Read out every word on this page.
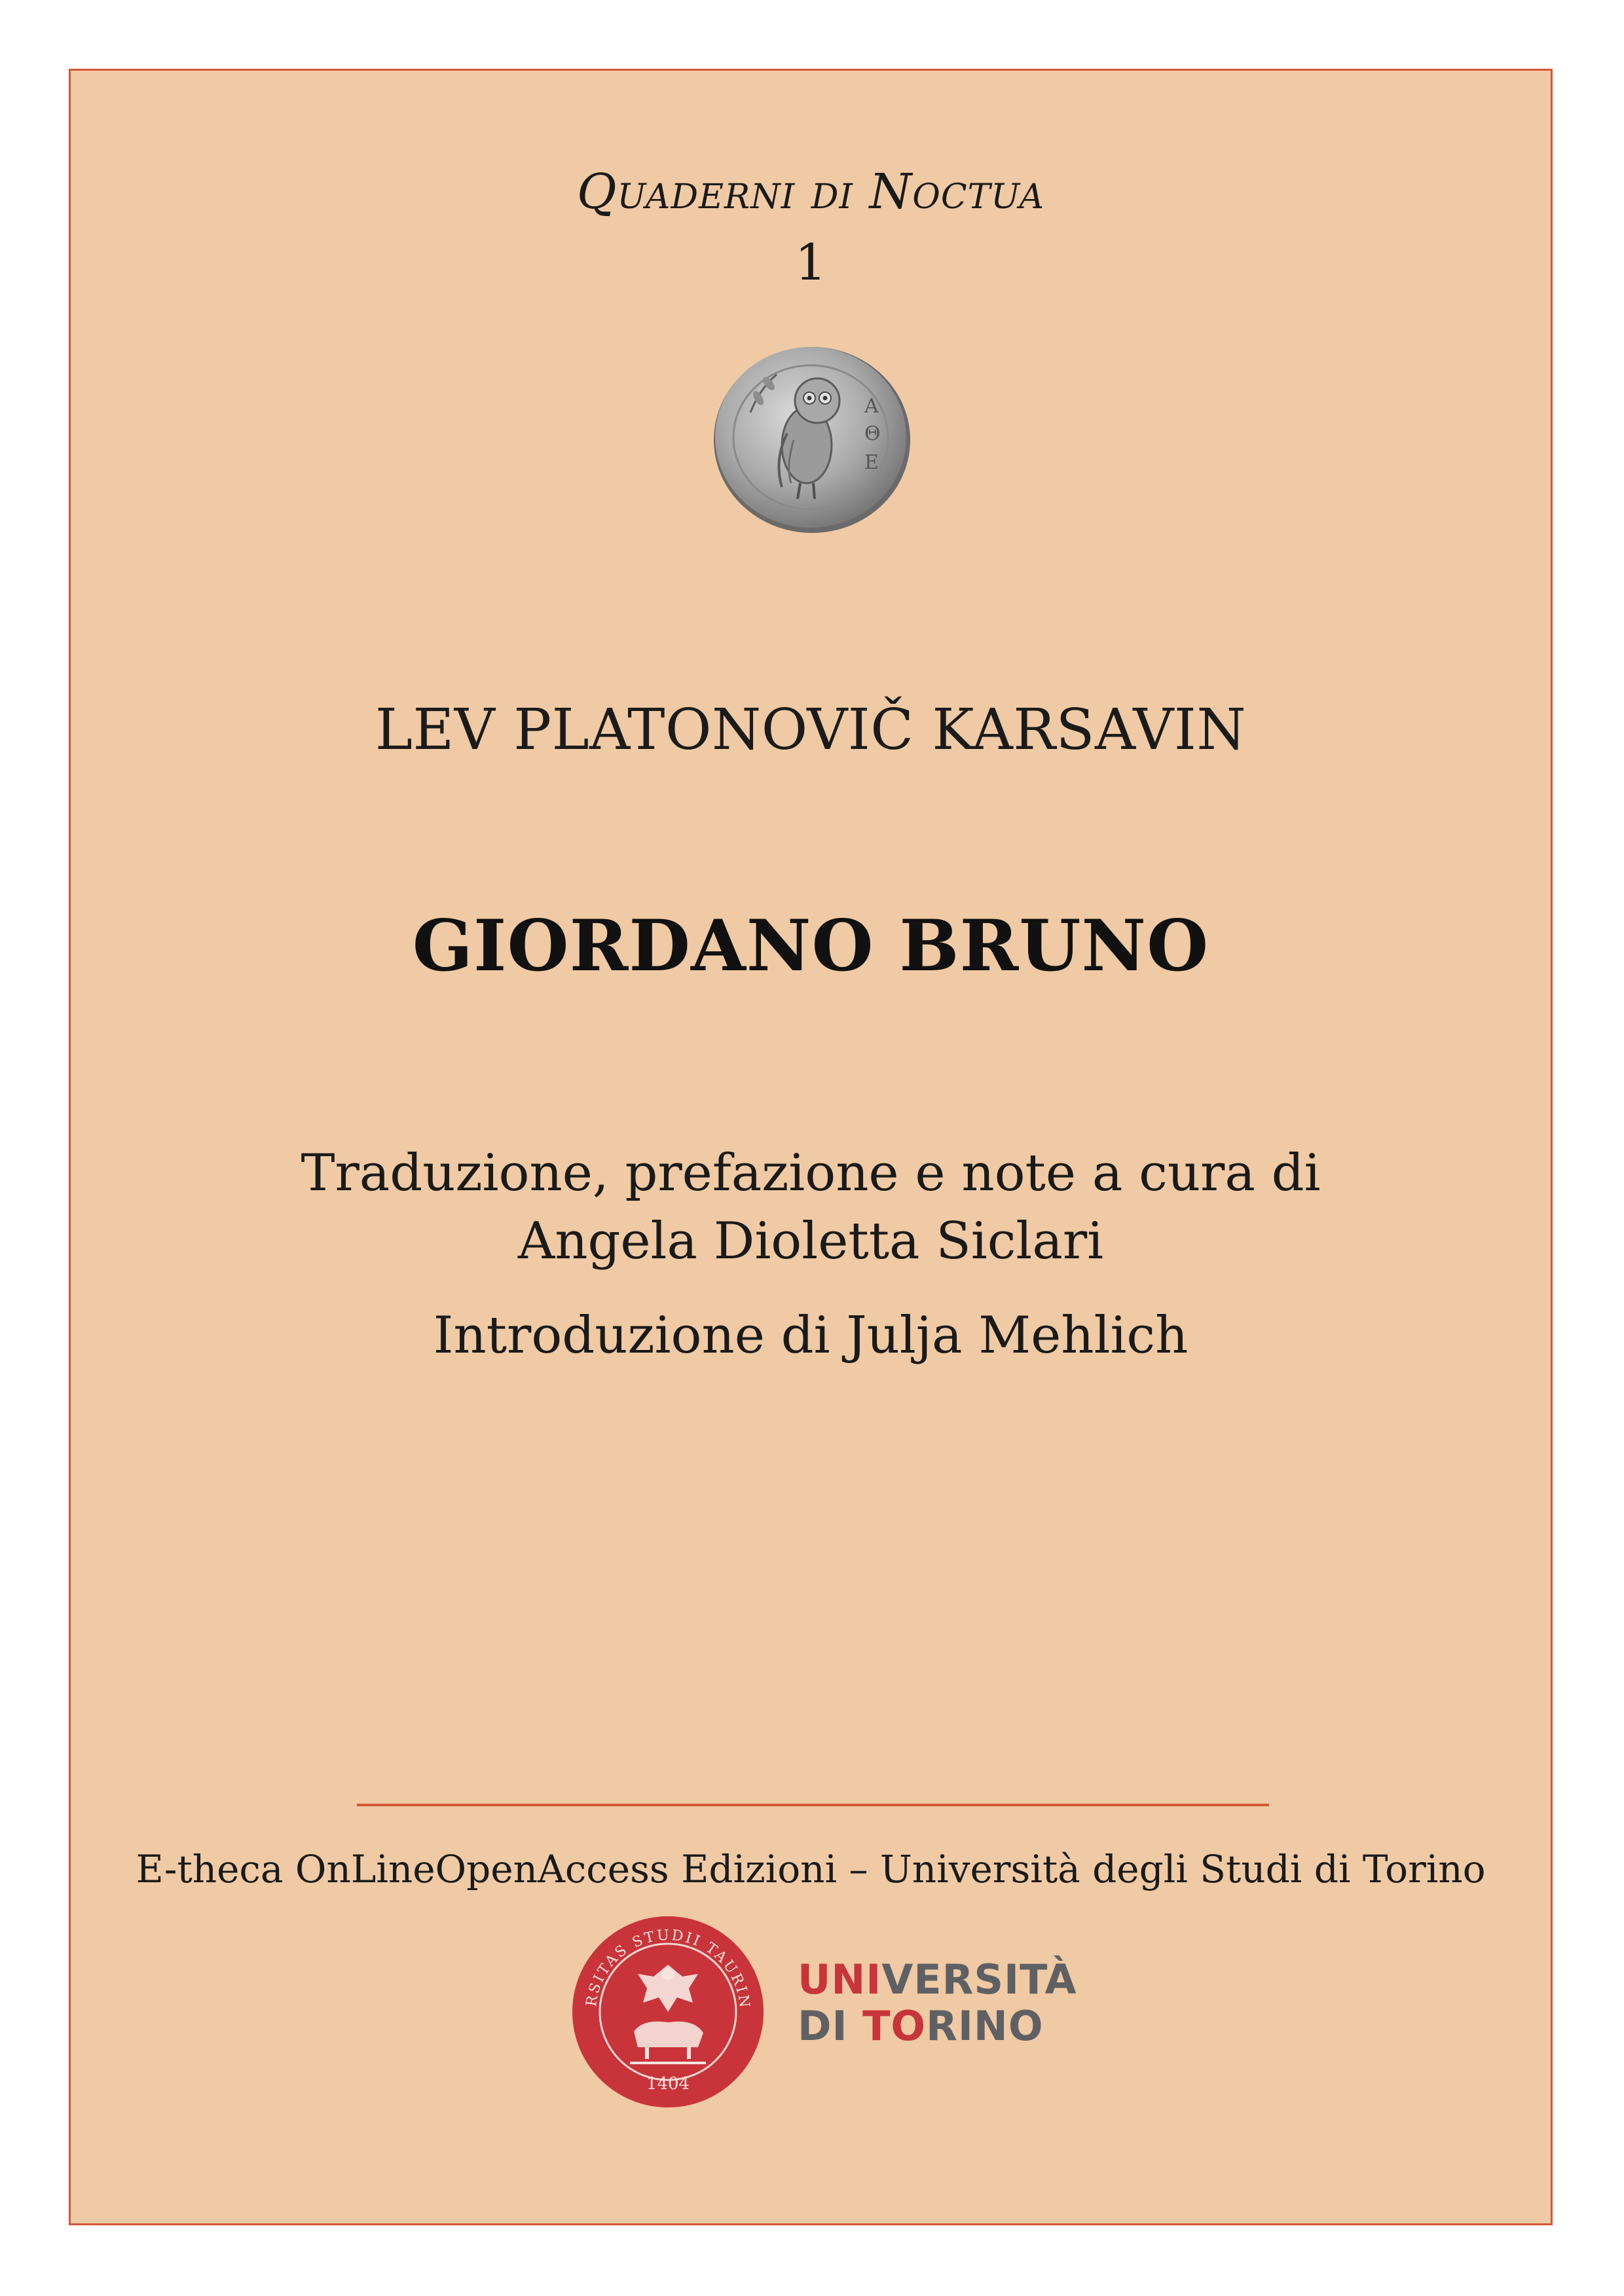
Quaderni di Noctua
1
Α
Θ
Ε
LEV PLATONOVIČ KARSAVIN
GIORDANO BRUNO
Traduzione, prefazione e note a cura di
Angela Dioletta Siclari
Introduzione di Julja Mehlich
E-theca OnLineOpenAccess Edizioni – Università degli Studi di Torino
RSITAS STUDII TAURIN
1404
UNIVERSITÀ
DI TORINO
